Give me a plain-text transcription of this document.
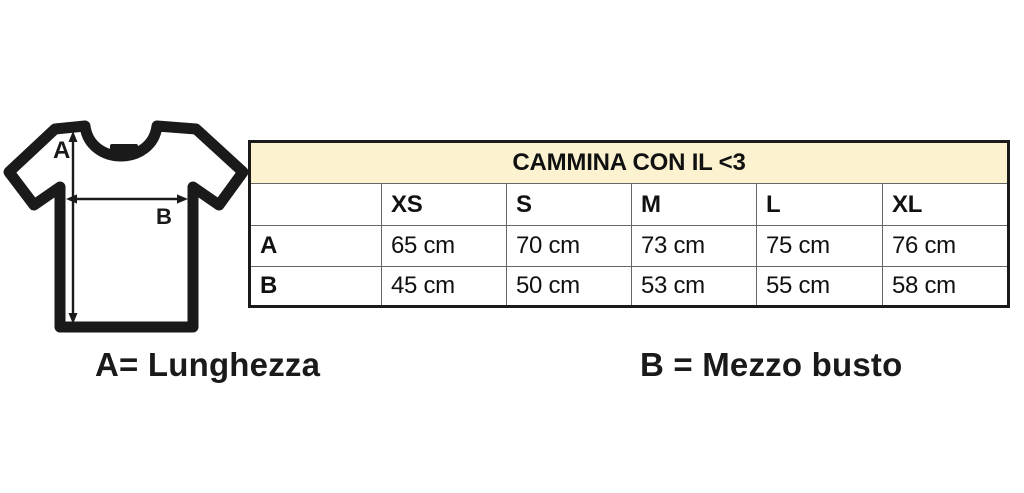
A
B
CAMMINA CON IL <3					
	XS	S	M	L	XL
A	65 cm	70 cm	73 cm	75 cm	76 cm
B	45 cm	50 cm	53 cm	55 cm	58 cm
A= Lunghezza	B = Mezzo busto
